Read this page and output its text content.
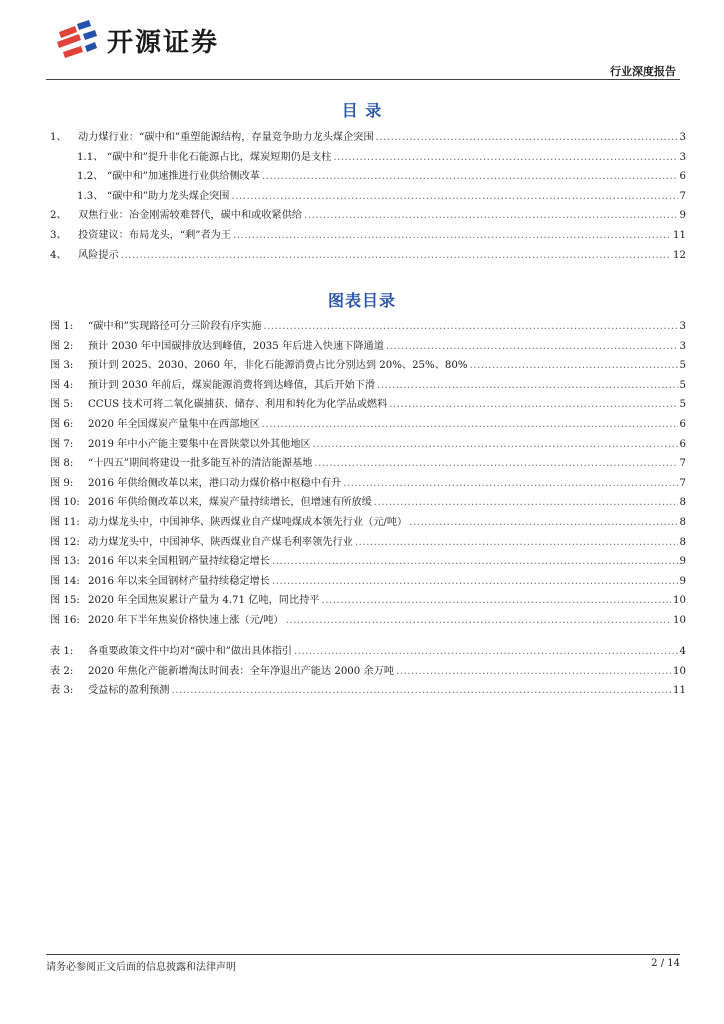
开源证券
行业深度报告
目 录
1、	动力煤行业：“碳中和”重塑能源结构，存量竞争助力龙头煤企突围 .....	3
1.1、 “碳中和”提升非化石能源占比，煤炭短期仍是支柱 .....	3
1.2、 “碳中和”加速推进行业供给侧改革 .....	6
1.3、 “碳中和”助力龙头煤企突围 .....	7
2、	双焦行业：冶金刚需较难替代，碳中和或收紧供给 .....	9
3、	投资建议：布局龙头，“剩”者为王 .....	11
4、	风险提示 .....	12
图表目录
图 1:	“碳中和”实现路径可分三阶段有序实施 .....	3
图 2:	预计 2030 年中国碳排放达到峰值，2035 年后进入快速下降通道 .....	3
图 3:	预计到 2025、2030、2060 年，非化石能源消费占比分别达到 20%、25%、80% .....	5
图 4:	预计到 2030 年前后，煤炭能源消费将到达峰值，其后开始下滑 .....	5
图 5:	CCUS 技术可将二氧化碳捕获、储存、利用和转化为化学品或燃料 .....	5
图 6:	2020 年全国煤炭产量集中在西部地区 .....	6
图 7:	2019 年中小产能主要集中在晋陕蒙以外其他地区 .....	6
图 8:	“十四五”期间将建设一批多能互补的清洁能源基地 .....	7
图 9:	2016 年供给侧改革以来，港口动力煤价格中枢稳中有升 .....	7
图 10: 2016 年供给侧改革以来，煤炭产量持续增长，但增速有所放缓 .....	8
图 11: 动力煤龙头中，中国神华、陕西煤业自产煤吨煤成本领先行业（元/吨） .....	8
图 12: 动力煤龙头中，中国神华、陕西煤业自产煤毛利率领先行业 .....	8
图 13: 2016 年以来全国粗钢产量持续稳定增长 .....	9
图 14: 2016 年以来全国钢材产量持续稳定增长 .....	9
图 15: 2020 年全国焦炭累计产量为 4.71 亿吨，同比持平 .....	10
图 16: 2020 年下半年焦炭价格快速上涨（元/吨） .....	10
表 1:	各重要政策文件中均对“碳中和”做出具体指引 .....	4
表 2:	2020 年焦化产能新增淘汰时间表：全年净退出产能达 2000 余万吨 .....	10
表 3:	受益标的盈利预测 .....	11
请务必参阅正文后面的信息披露和法律声明	2 / 14
